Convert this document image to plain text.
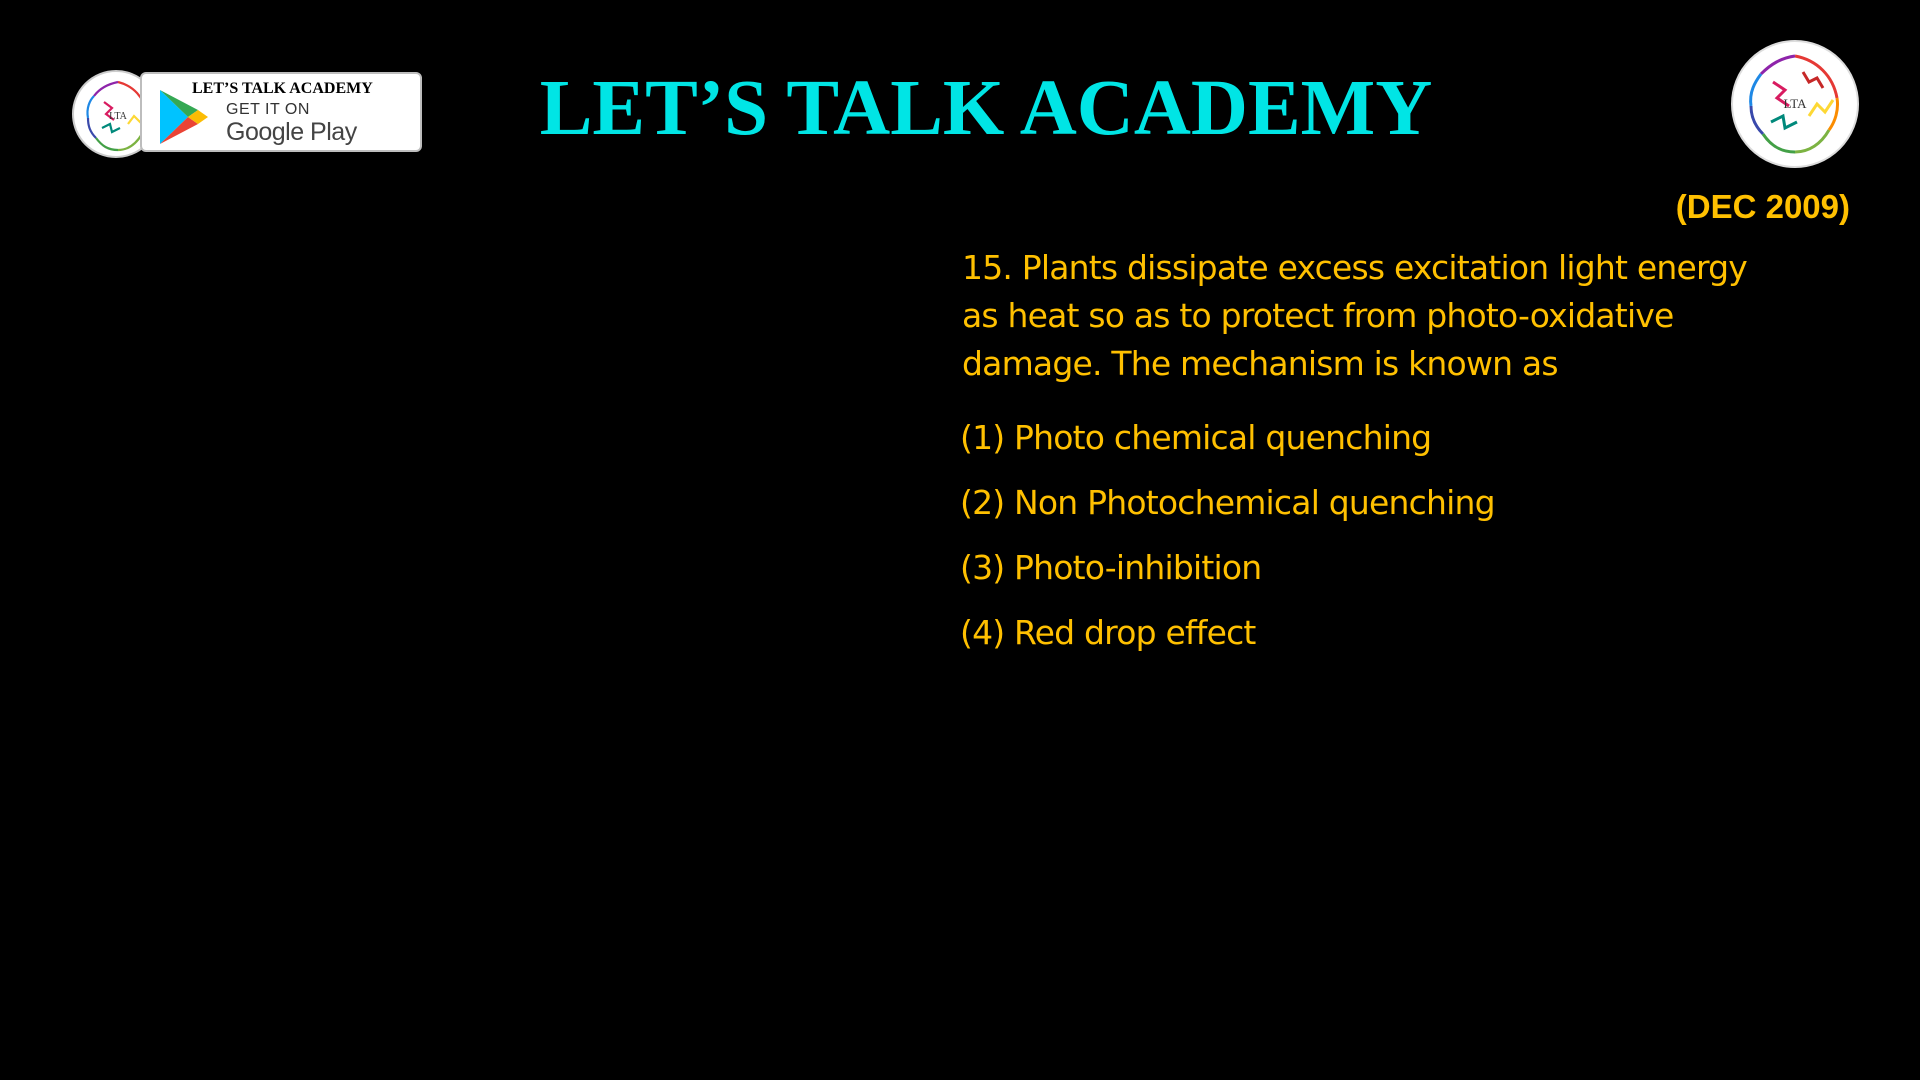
LTA
LET’S TALK ACADEMY
GET IT ON
Google Play	LET’S TALK ACADEMY	LTA
(DEC 2009)
15. Plants dissipate excess excitation light energy as heat so as to protect from photo-oxidative damage. The mechanism is known as
(1) Photo chemical quenching
(2) Non Photochemical quenching
(3) Photo-inhibition
(4) Red drop effect
